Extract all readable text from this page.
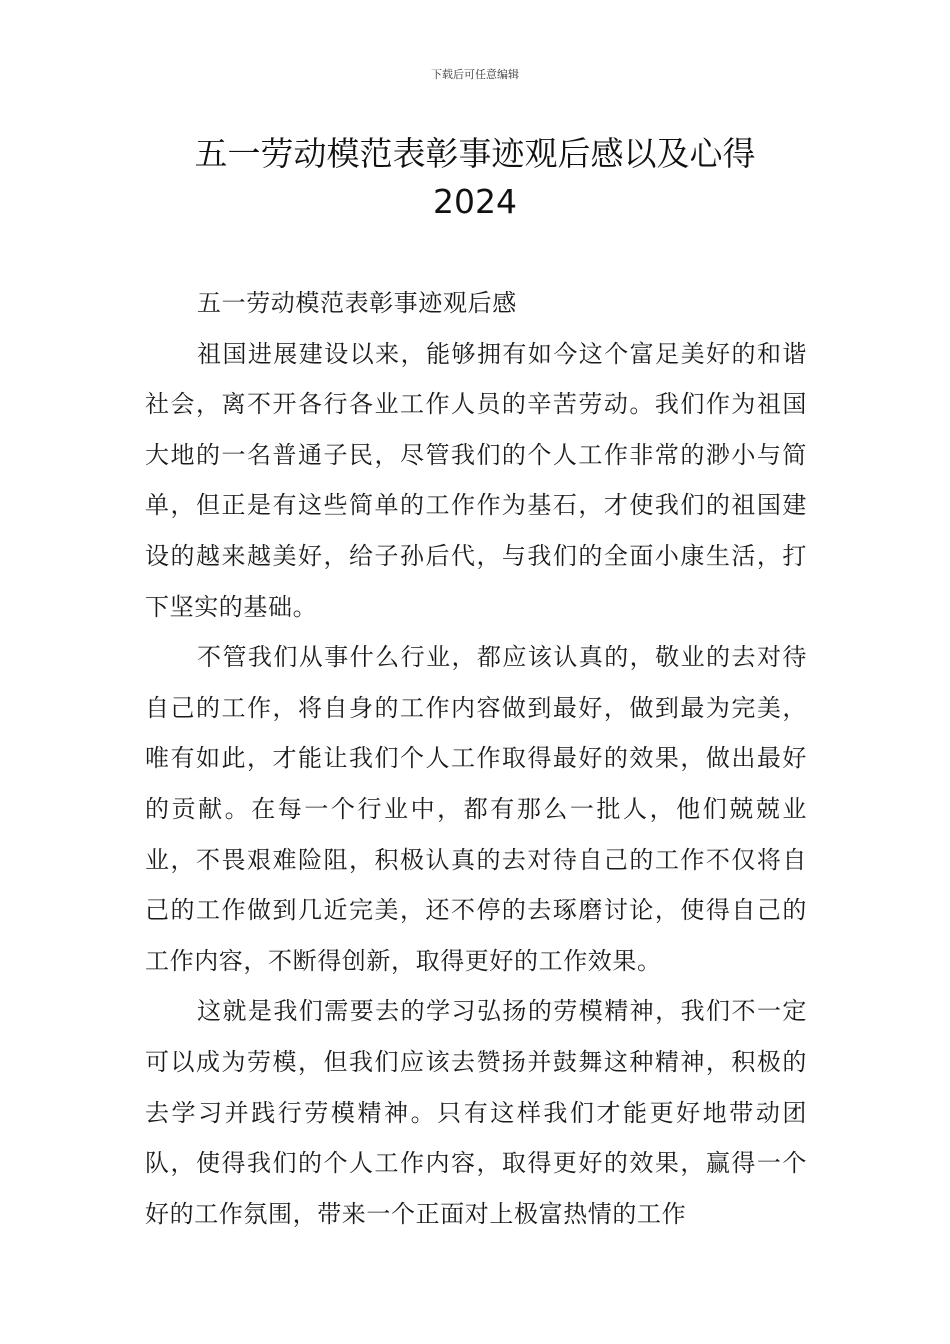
下载后可任意编辑
五一劳动模范表彰事迹观后感以及心得
2024

五一劳动模范表彰事迹观后感

祖国进展建设以来，能够拥有如今这个富足美好的和谐社会，离不开各行各业工作人员的辛苦劳动。我们作为祖国大地的一名普通子民，尽管我们的个人工作非常的渺小与简单，但正是有这些简单的工作作为基石，才使我们的祖国建设的越来越美好，给子孙后代，与我们的全面小康生活，打下坚实的基础。

不管我们从事什么行业，都应该认真的，敬业的去对待自己的工作，将自身的工作内容做到最好，做到最为完美，唯有如此，才能让我们个人工作取得最好的效果，做出最好的贡献。在每一个行业中，都有那么一批人，他们兢兢业业，不畏艰难险阻，积极认真的去对待自己的工作不仅将自己的工作做到几近完美，还不停的去琢磨讨论，使得自己的工作内容，不断得创新，取得更好的工作效果。

这就是我们需要去的学习弘扬的劳模精神，我们不一定可以成为劳模，但我们应该去赞扬并鼓舞这种精神，积极的去学习并践行劳模精神。只有这样我们才能更好地带动团队，使得我们的个人工作内容，取得更好的效果，赢得一个好的工作氛围，带来一个正面对上极富热情的工作
